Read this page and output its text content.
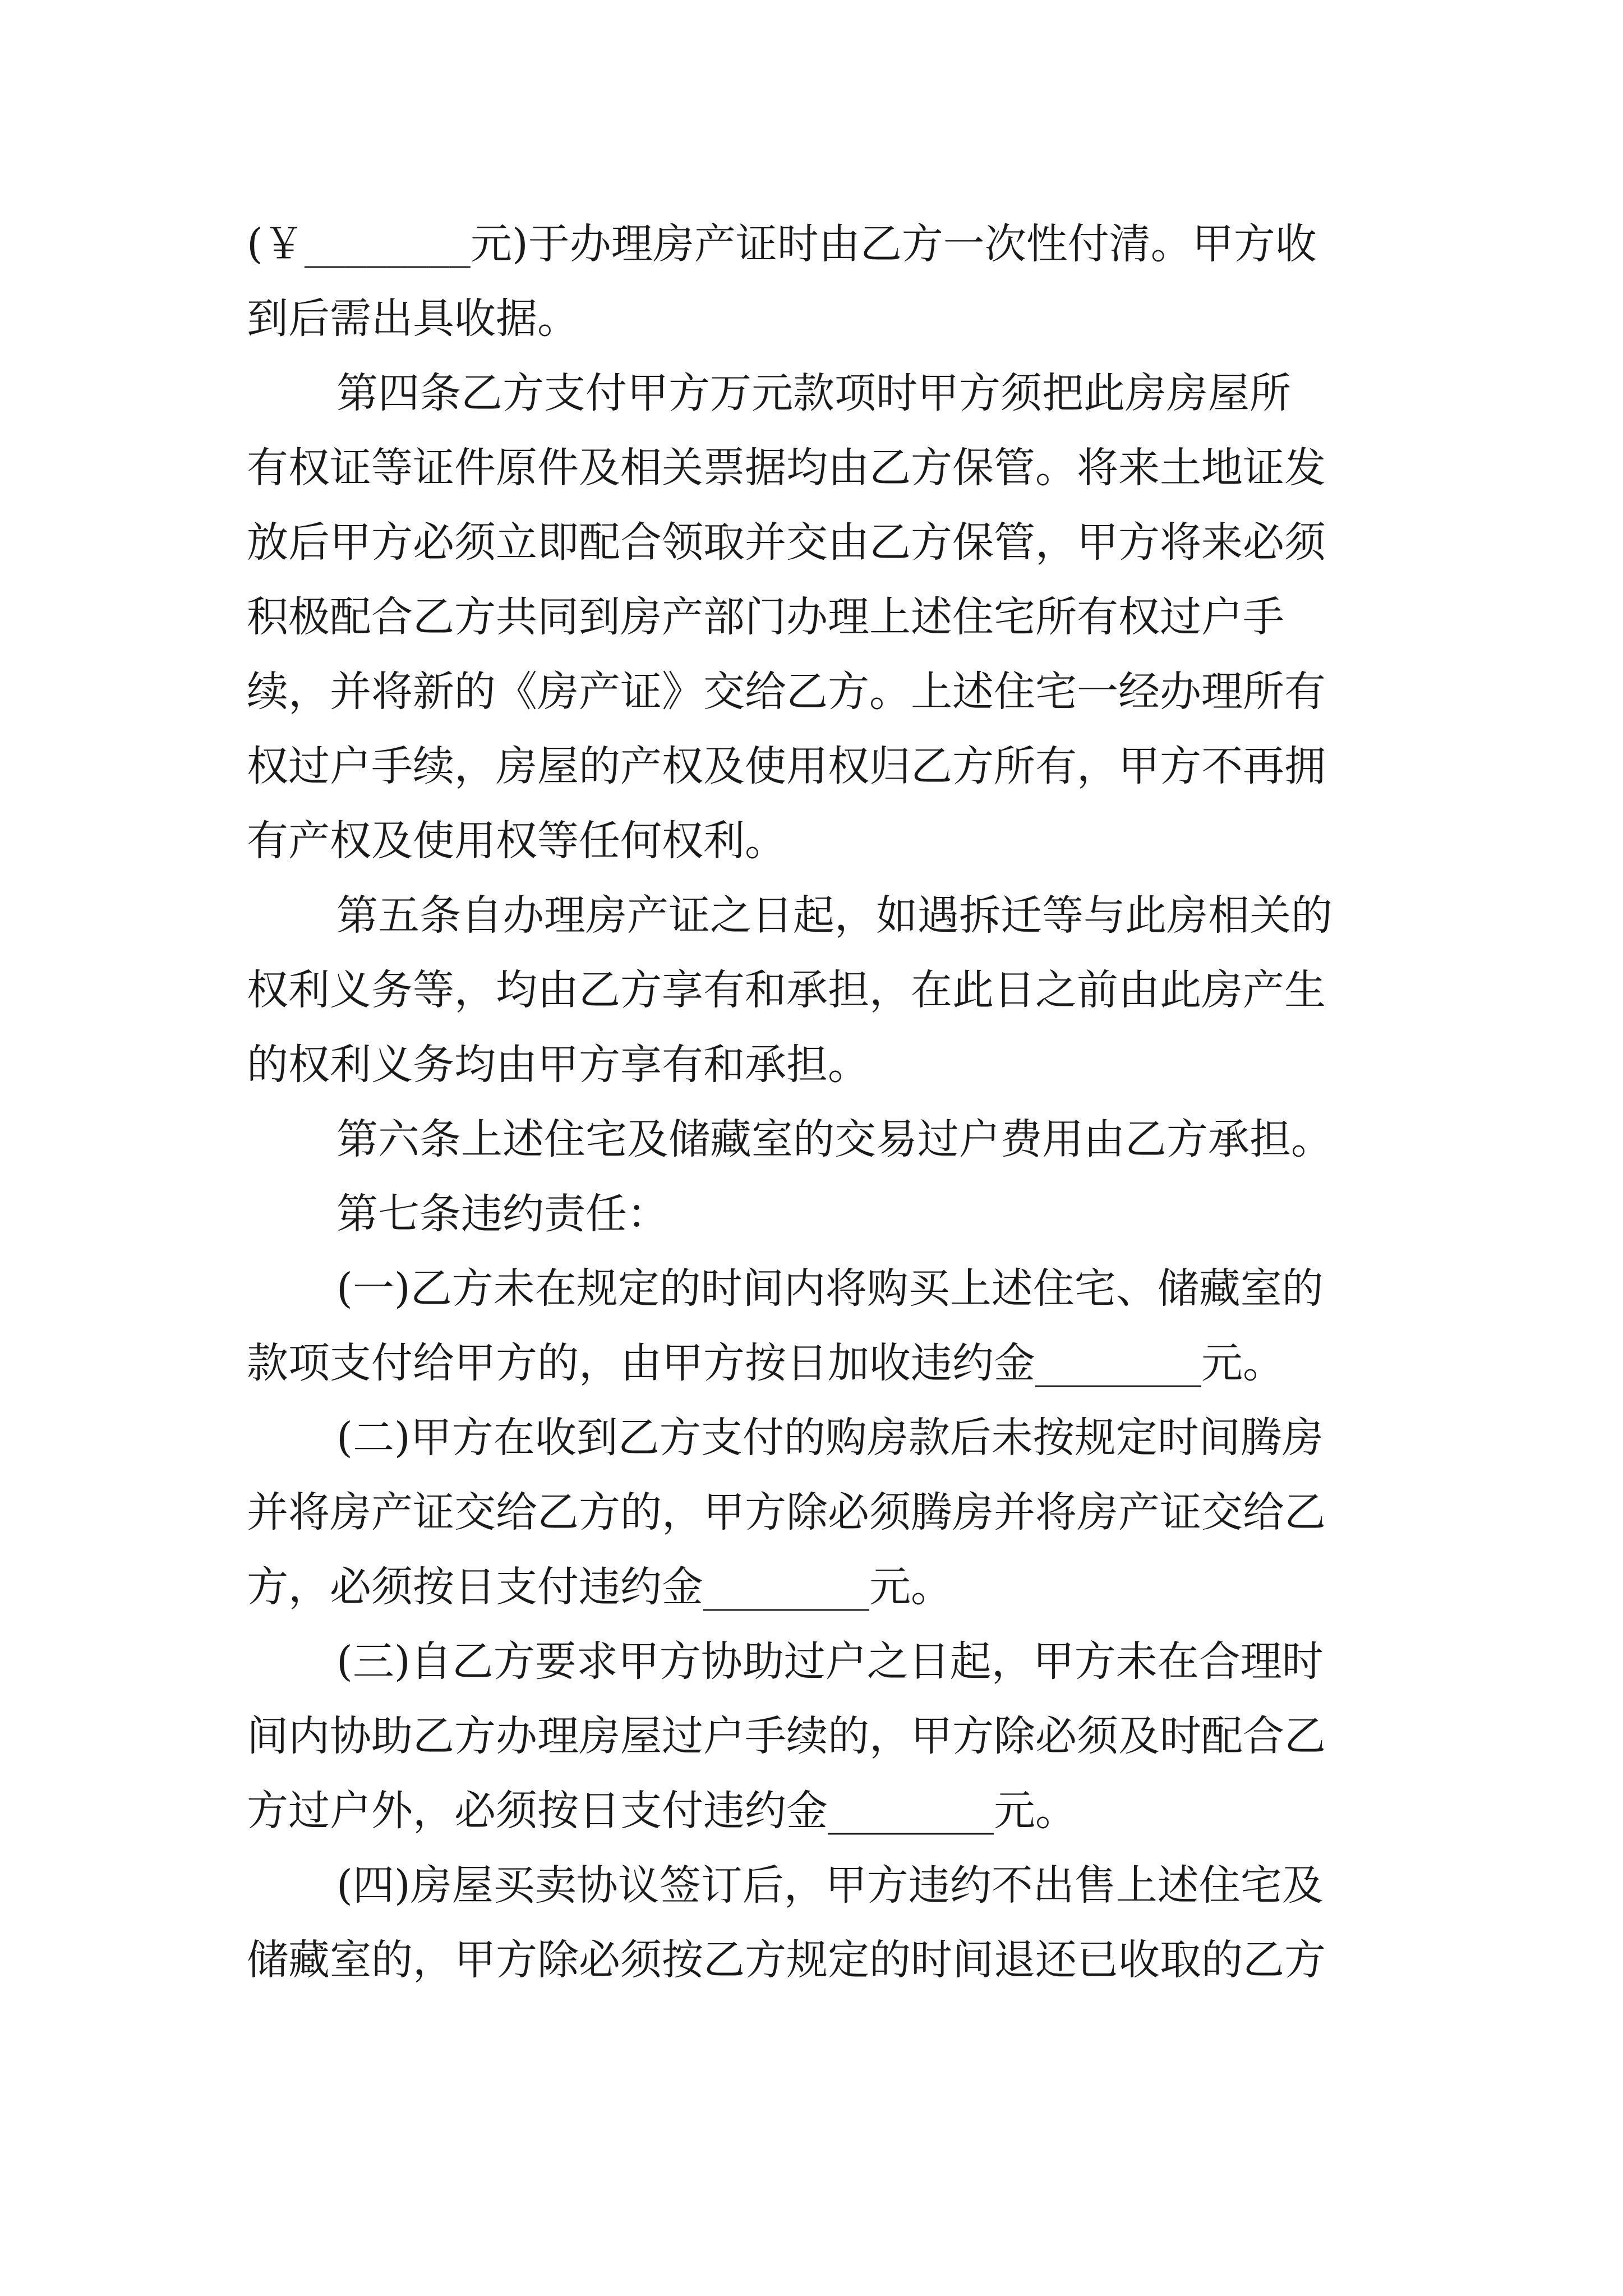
(￥________元)于办理房产证时由乙方一次性付清。甲方收
到后需出具收据。
第四条乙方支付甲方万元款项时甲方须把此房房屋所
有权证等证件原件及相关票据均由乙方保管。将来土地证发
放后甲方必须立即配合领取并交由乙方保管，甲方将来必须
积极配合乙方共同到房产部门办理上述住宅所有权过户手
续，并将新的《房产证》交给乙方。上述住宅一经办理所有
权过户手续，房屋的产权及使用权归乙方所有，甲方不再拥
有产权及使用权等任何权利。
第五条自办理房产证之日起，如遇拆迁等与此房相关的
权利义务等，均由乙方享有和承担，在此日之前由此房产生
的权利义务均由甲方享有和承担。
第六条上述住宅及储藏室的交易过户费用由乙方承担。
第七条违约责任：
(一)乙方未在规定的时间内将购买上述住宅、储藏室的
款项支付给甲方的，由甲方按日加收违约金________元。
(二)甲方在收到乙方支付的购房款后未按规定时间腾房
并将房产证交给乙方的，甲方除必须腾房并将房产证交给乙
方，必须按日支付违约金________元。
(三)自乙方要求甲方协助过户之日起，甲方未在合理时
间内协助乙方办理房屋过户手续的，甲方除必须及时配合乙
方过户外，必须按日支付违约金________元。
(四)房屋买卖协议签订后，甲方违约不出售上述住宅及
储藏室的，甲方除必须按乙方规定的时间退还已收取的乙方
